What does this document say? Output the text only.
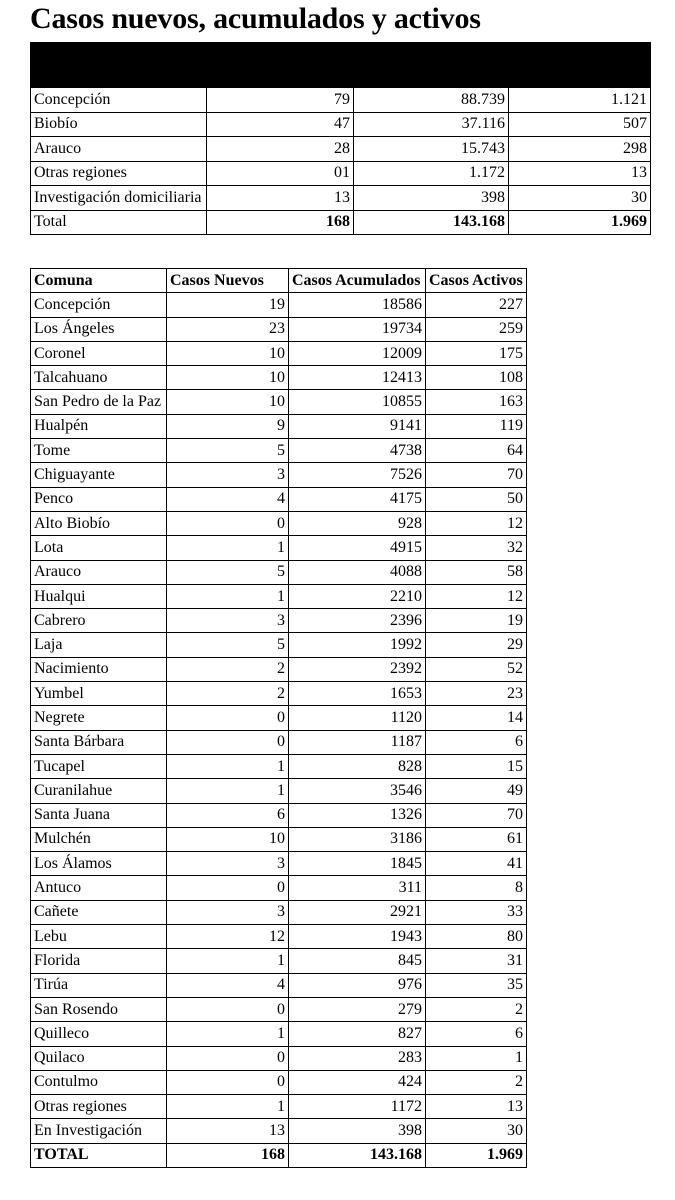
Casos nuevos, acumulados y activos

Concepción	79	88.739	1.121
Biobío	47	37.116	507
Arauco	28	15.743	298
Otras regiones	01	1.172	13
Investigación domiciliaria	13	398	30
Total	168	143.168	1.969
Comuna	Casos Nuevos	Casos Acumulados	Casos Activos
Concepción	19	18586	227
Los Ángeles	23	19734	259
Coronel	10	12009	175
Talcahuano	10	12413	108
San Pedro de la Paz	10	10855	163
Hualpén	9	9141	119
Tome	5	4738	64
Chiguayante	3	7526	70
Penco	4	4175	50
Alto Biobío	0	928	12
Lota	1	4915	32
Arauco	5	4088	58
Hualqui	1	2210	12
Cabrero	3	2396	19
Laja	5	1992	29
Nacimiento	2	2392	52
Yumbel	2	1653	23
Negrete	0	1120	14
Santa Bárbara	0	1187	6
Tucapel	1	828	15
Curanilahue	1	3546	49
Santa Juana	6	1326	70
Mulchén	10	3186	61
Los Álamos	3	1845	41
Antuco	0	311	8
Cañete	3	2921	33
Lebu	12	1943	80
Florida	1	845	31
Tirúa	4	976	35
San Rosendo	0	279	2
Quilleco	1	827	6
Quilaco	0	283	1
Contulmo	0	424	2
Otras regiones	1	1172	13
En Investigación	13	398	30
TOTAL	168	143.168	1.969
